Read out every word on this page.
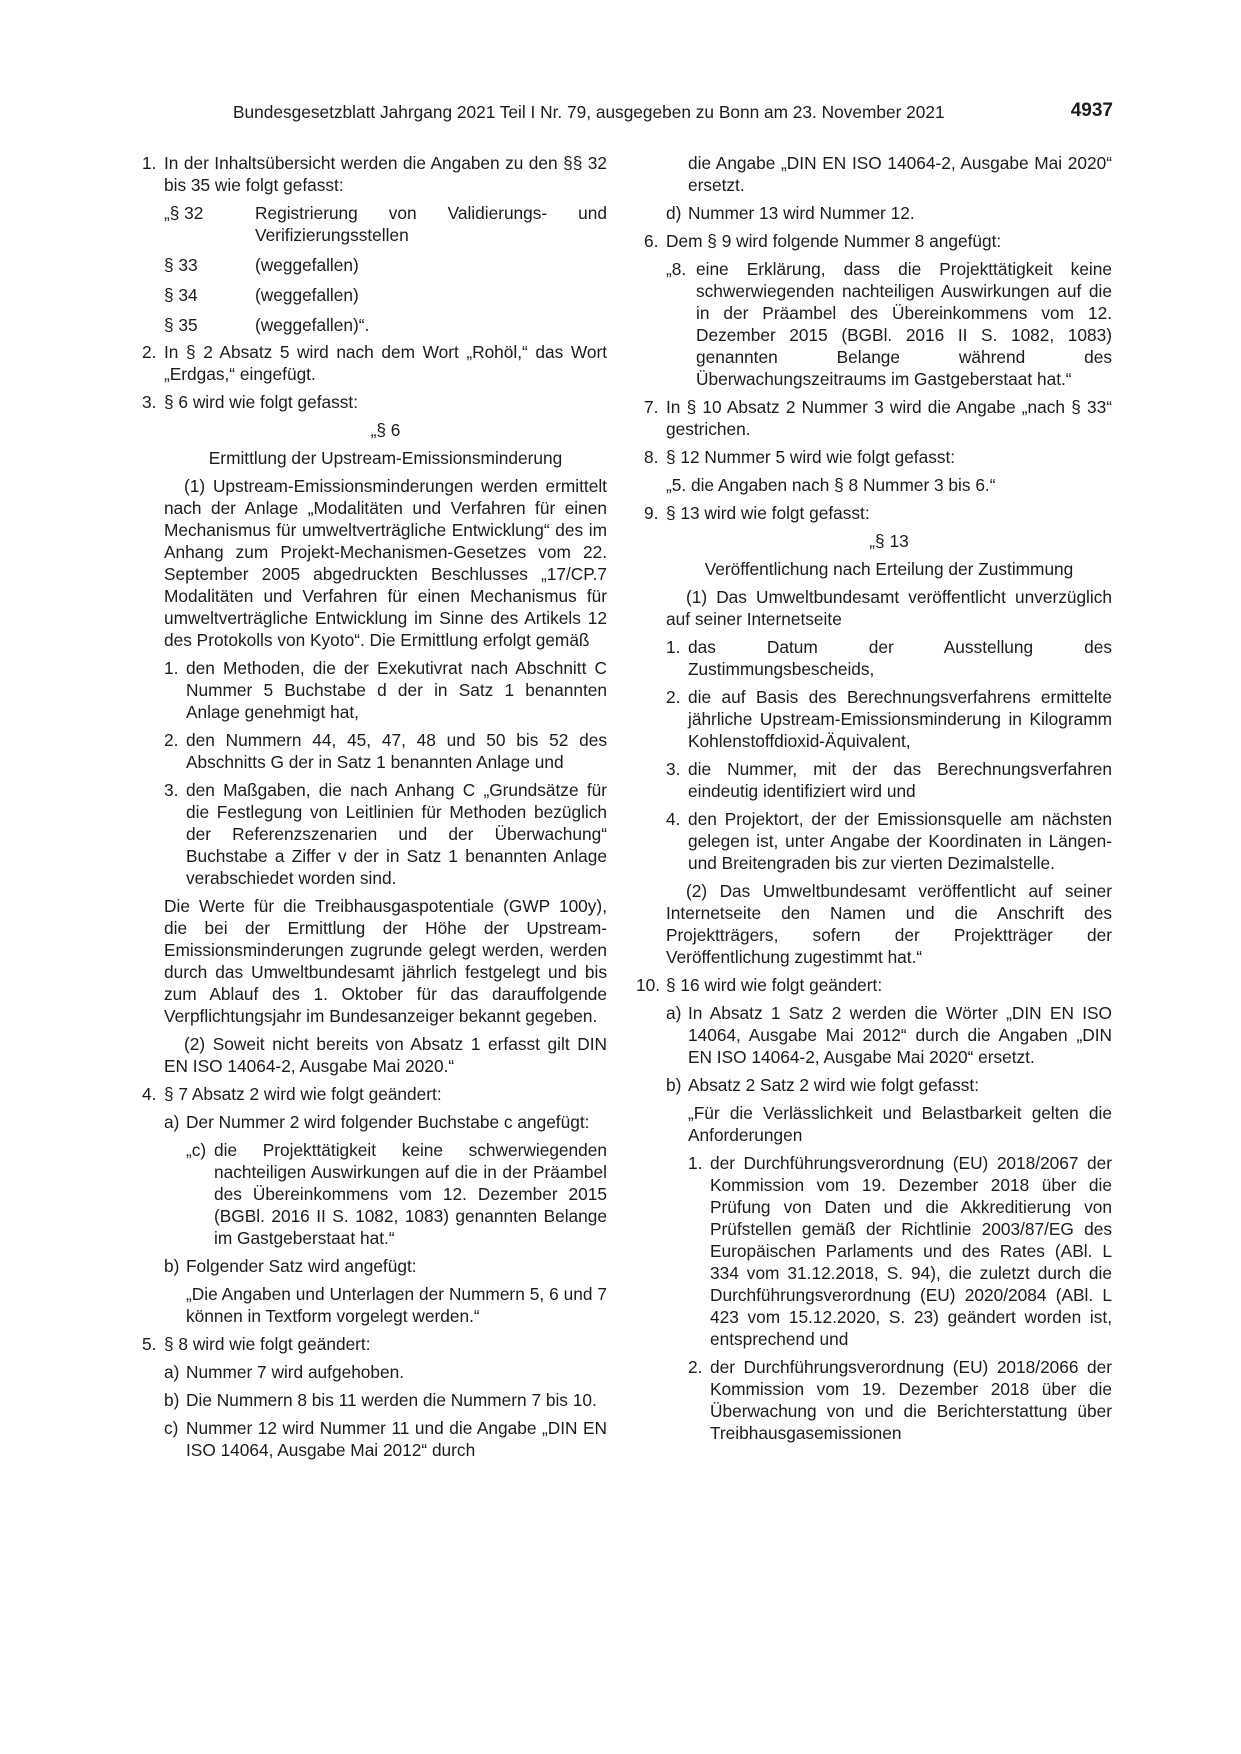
Bundesgesetzblatt Jahrgang 2021 Teil I Nr. 79, ausgegeben zu Bonn am 23. November 2021	4937
1. In der Inhaltsübersicht werden die Angaben zu den §§ 32 bis 35 wie folgt gefasst:

„§ 32	Registrierung von Validierungs- und Verifizierungsstellen

§ 33	(weggefallen)

§ 34	(weggefallen)

§ 35	(weggefallen)“.

2. In § 2 Absatz 5 wird nach dem Wort „Rohöl,“ das Wort „Erdgas,“ eingefügt.

3. § 6 wird wie folgt gefasst:

„§ 6

Ermittlung der Upstream-Emissionsminderung

(1) Upstream-Emissionsminderungen werden ermittelt nach der Anlage „Modalitäten und Verfahren für einen Mechanismus für umweltverträgliche Entwicklung“ des im Anhang zum Projekt-Mechanismen-Gesetzes vom 22. September 2005 abgedruckten Beschlusses „17/CP.7 Modalitäten und Verfahren für einen Mechanismus für umweltverträgliche Entwicklung im Sinne des Artikels 12 des Protokolls von Kyoto“. Die Ermittlung erfolgt gemäß

1. den Methoden, die der Exekutivrat nach Abschnitt C Nummer 5 Buchstabe d der in Satz 1 benannten Anlage genehmigt hat,

2. den Nummern 44, 45, 47, 48 und 50 bis 52 des Abschnitts G der in Satz 1 benannten Anlage und

3. den Maßgaben, die nach Anhang C „Grundsätze für die Festlegung von Leitlinien für Methoden bezüglich der Referenzszenarien und der Überwachung“ Buchstabe a Ziffer v der in Satz 1 benannten Anlage verabschiedet worden sind.

Die Werte für die Treibhausgaspotentiale (GWP 100y), die bei der Ermittlung der Höhe der Upstream-Emissionsminderungen zugrunde gelegt werden, werden durch das Umweltbundesamt jährlich festgelegt und bis zum Ablauf des 1. Oktober für das darauffolgende Verpflichtungsjahr im Bundesanzeiger bekannt gegeben.

(2) Soweit nicht bereits von Absatz 1 erfasst gilt DIN EN ISO 14064-2, Ausgabe Mai 2020.“

4. § 7 Absatz 2 wird wie folgt geändert:

a) Der Nummer 2 wird folgender Buchstabe c angefügt:

„c) die Projekttätigkeit keine schwerwiegenden nachteiligen Auswirkungen auf die in der Präambel des Übereinkommens vom 12. Dezember 2015 (BGBl. 2016 II S. 1082, 1083) genannten Belange im Gastgeberstaat hat.“

b) Folgender Satz wird angefügt:

„Die Angaben und Unterlagen der Nummern 5, 6 und 7 können in Textform vorgelegt werden.“

5. § 8 wird wie folgt geändert:

a) Nummer 7 wird aufgehoben.

b) Die Nummern 8 bis 11 werden die Nummern 7 bis 10.

c) Nummer 12 wird Nummer 11 und die Angabe „DIN EN ISO 14064, Ausgabe Mai 2012“ durch

die Angabe „DIN EN ISO 14064-2, Ausgabe Mai 2020“ ersetzt.

d) Nummer 13 wird Nummer 12.

6. Dem § 9 wird folgende Nummer 8 angefügt:

„8. eine Erklärung, dass die Projekttätigkeit keine schwerwiegenden nachteiligen Auswirkungen auf die in der Präambel des Übereinkommens vom 12. Dezember 2015 (BGBl. 2016 II S. 1082, 1083) genannten Belange während des Überwachungszeitraums im Gastgeberstaat hat.“

7. In § 10 Absatz 2 Nummer 3 wird die Angabe „nach § 33“ gestrichen.

8. § 12 Nummer 5 wird wie folgt gefasst:

„5. die Angaben nach § 8 Nummer 3 bis 6.“

9. § 13 wird wie folgt gefasst:

„§ 13

Veröffentlichung nach Erteilung der Zustimmung

(1) Das Umweltbundesamt veröffentlicht unverzüglich auf seiner Internetseite

1. das Datum der Ausstellung des Zustimmungsbescheids,

2. die auf Basis des Berechnungsverfahrens ermittelte jährliche Upstream-Emissionsminderung in Kilogramm Kohlenstoffdioxid-Äquivalent,

3. die Nummer, mit der das Berechnungsverfahren eindeutig identifiziert wird und

4. den Projektort, der der Emissionsquelle am nächsten gelegen ist, unter Angabe der Koordinaten in Längen- und Breitengraden bis zur vierten Dezimalstelle.

(2) Das Umweltbundesamt veröffentlicht auf seiner Internetseite den Namen und die Anschrift des Projektträgers, sofern der Projektträger der Veröffentlichung zugestimmt hat.“

10. § 16 wird wie folgt geändert:

a) In Absatz 1 Satz 2 werden die Wörter „DIN EN ISO 14064, Ausgabe Mai 2012“ durch die Angaben „DIN EN ISO 14064-2, Ausgabe Mai 2020“ ersetzt.

b) Absatz 2 Satz 2 wird wie folgt gefasst:

„Für die Verlässlichkeit und Belastbarkeit gelten die Anforderungen

1. der Durchführungsverordnung (EU) 2018/2067 der Kommission vom 19. Dezember 2018 über die Prüfung von Daten und die Akkreditierung von Prüfstellen gemäß der Richtlinie 2003/87/EG des Europäischen Parlaments und des Rates (ABl. L 334 vom 31.12.2018, S. 94), die zuletzt durch die Durchführungsverordnung (EU) 2020/2084 (ABl. L 423 vom 15.12.2020, S. 23) geändert worden ist, entsprechend und

2. der Durchführungsverordnung (EU) 2018/2066 der Kommission vom 19. Dezember 2018 über die Überwachung von und die Berichterstattung über Treibhausgasemissionen
